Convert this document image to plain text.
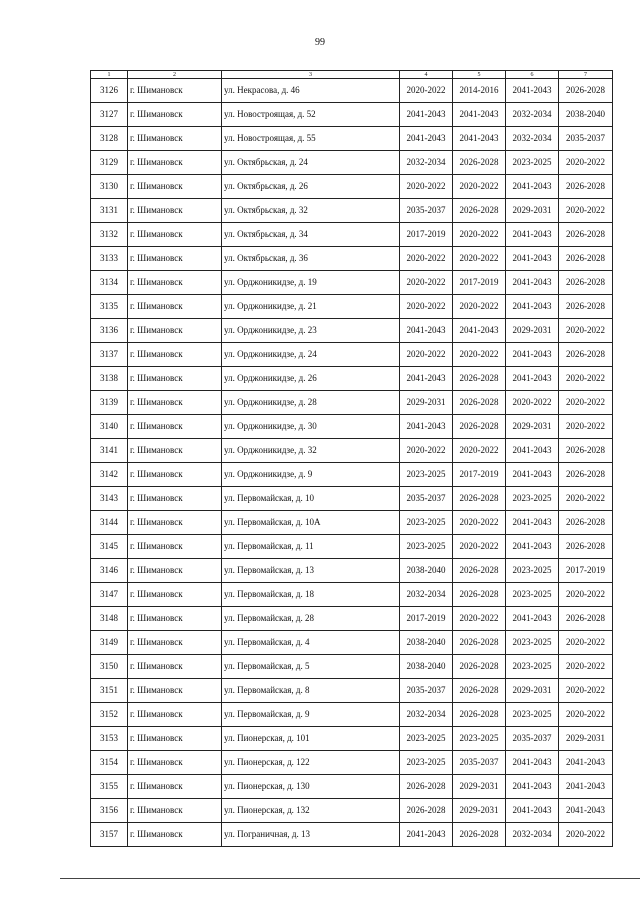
99
1	2	3	4	5	6	7
3126	г. Шимановск	ул. Некрасова, д. 46	2020-2022	2014-2016	2041-2043	2026-2028
3127	г. Шимановск	ул. Новостроящая, д. 52	2041-2043	2041-2043	2032-2034	2038-2040
3128	г. Шимановск	ул. Новостроящая, д. 55	2041-2043	2041-2043	2032-2034	2035-2037
3129	г. Шимановск	ул. Октябрьская, д. 24	2032-2034	2026-2028	2023-2025	2020-2022
3130	г. Шимановск	ул. Октябрьская, д. 26	2020-2022	2020-2022	2041-2043	2026-2028
3131	г. Шимановск	ул. Октябрьская, д. 32	2035-2037	2026-2028	2029-2031	2020-2022
3132	г. Шимановск	ул. Октябрьская, д. 34	2017-2019	2020-2022	2041-2043	2026-2028
3133	г. Шимановск	ул. Октябрьская, д. 36	2020-2022	2020-2022	2041-2043	2026-2028
3134	г. Шимановск	ул. Орджоникидзе, д. 19	2020-2022	2017-2019	2041-2043	2026-2028
3135	г. Шимановск	ул. Орджоникидзе, д. 21	2020-2022	2020-2022	2041-2043	2026-2028
3136	г. Шимановск	ул. Орджоникидзе, д. 23	2041-2043	2041-2043	2029-2031	2020-2022
3137	г. Шимановск	ул. Орджоникидзе, д. 24	2020-2022	2020-2022	2041-2043	2026-2028
3138	г. Шимановск	ул. Орджоникидзе, д. 26	2041-2043	2026-2028	2041-2043	2020-2022
3139	г. Шимановск	ул. Орджоникидзе, д. 28	2029-2031	2026-2028	2020-2022	2020-2022
3140	г. Шимановск	ул. Орджоникидзе, д. 30	2041-2043	2026-2028	2029-2031	2020-2022
3141	г. Шимановск	ул. Орджоникидзе, д. 32	2020-2022	2020-2022	2041-2043	2026-2028
3142	г. Шимановск	ул. Орджоникидзе, д. 9	2023-2025	2017-2019	2041-2043	2026-2028
3143	г. Шимановск	ул. Первомайская, д. 10	2035-2037	2026-2028	2023-2025	2020-2022
3144	г. Шимановск	ул. Первомайская, д. 10А	2023-2025	2020-2022	2041-2043	2026-2028
3145	г. Шимановск	ул. Первомайская, д. 11	2023-2025	2020-2022	2041-2043	2026-2028
3146	г. Шимановск	ул. Первомайская, д. 13	2038-2040	2026-2028	2023-2025	2017-2019
3147	г. Шимановск	ул. Первомайская, д. 18	2032-2034	2026-2028	2023-2025	2020-2022
3148	г. Шимановск	ул. Первомайская, д. 28	2017-2019	2020-2022	2041-2043	2026-2028
3149	г. Шимановск	ул. Первомайская, д. 4	2038-2040	2026-2028	2023-2025	2020-2022
3150	г. Шимановск	ул. Первомайская, д. 5	2038-2040	2026-2028	2023-2025	2020-2022
3151	г. Шимановск	ул. Первомайская, д. 8	2035-2037	2026-2028	2029-2031	2020-2022
3152	г. Шимановск	ул. Первомайская, д. 9	2032-2034	2026-2028	2023-2025	2020-2022
3153	г. Шимановск	ул. Пионерская, д. 101	2023-2025	2023-2025	2035-2037	2029-2031
3154	г. Шимановск	ул. Пионерская, д. 122	2023-2025	2035-2037	2041-2043	2041-2043
3155	г. Шимановск	ул. Пионерская, д. 130	2026-2028	2029-2031	2041-2043	2041-2043
3156	г. Шимановск	ул. Пионерская, д. 132	2026-2028	2029-2031	2041-2043	2041-2043
3157	г. Шимановск	ул. Пограничная, д. 13	2041-2043	2026-2028	2032-2034	2020-2022
